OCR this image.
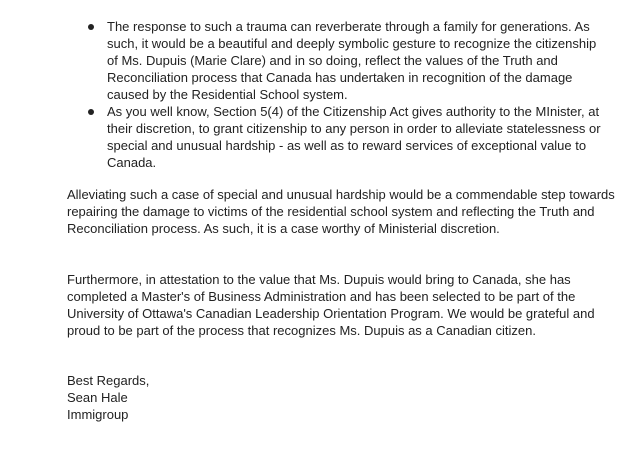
The response to such a trauma can reverberate through a family for generations. As such, it would be a beautiful and deeply symbolic gesture to recognize the citizenship of Ms. Dupuis (Marie Clare) and in so doing, reflect the values of the Truth and Reconciliation process that Canada has undertaken in recognition of the damage caused by the Residential School system.
As you well know, Section 5(4) of the Citizenship Act gives authority to the MInister, at their discretion, to grant citizenship to any person in order to alleviate statelessness or special and unusual hardship - as well as to reward services of exceptional value to Canada.

Alleviating such a case of special and unusual hardship would be a commendable step towards repairing the damage to victims of the residential school system and reflecting the Truth and Reconciliation process. As such, it is a case worthy of Ministerial discretion.

Furthermore, in attestation to the value that Ms. Dupuis would bring to Canada, she has completed a Master's of Business Administration and has been selected to be part of the University of Ottawa's Canadian Leadership Orientation Program. We would be grateful and proud to be part of the process that recognizes Ms. Dupuis as a Canadian citizen.

Best Regards,
Sean Hale
Immigroup
